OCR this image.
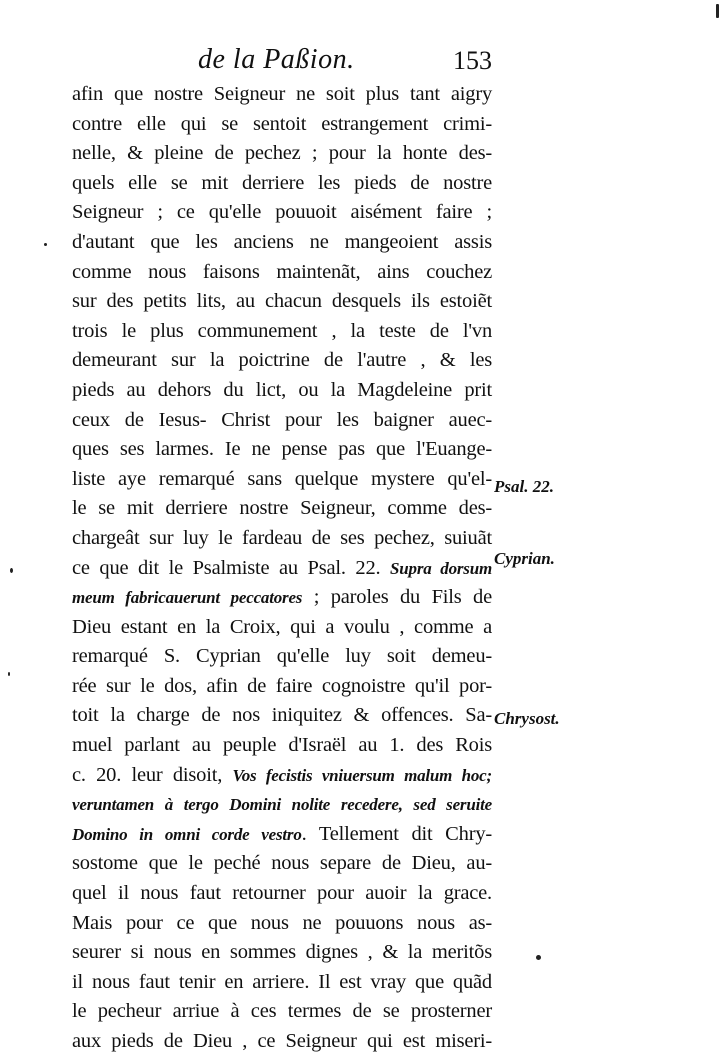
de la Paßion.	153
afin que nostre Seigneur ne soit plus tant aigry
contre elle qui se sentoit estrangement crimi-
nelle, & pleine de pechez ; pour la honte des-
quels elle se mit derriere les pieds de nostre
Seigneur ; ce qu'elle pouuoit aisément faire ;
d'autant que les anciens ne mangeoient assis
comme nous faisons maintenãt, ains couchez
sur des petits lits, au chacun desquels ils estoiẽt
trois le plus communement , la teste de l'vn
demeurant sur la poictrine de l'autre , & les
pieds au dehors du lict, ou la Magdeleine prit
ceux de Iesus- Christ pour les baigner auec-
ques ses larmes. Ie ne pense pas que l'Euange-
liste aye remarqué sans quelque mystere qu'el-
le se mit derriere nostre Seigneur, comme des-
chargeât sur luy le fardeau de ses pechez, suiuãt
ce que dit le Psalmiste au Psal. 22. Supra dorsum
meum fabricauerunt peccatores ; paroles du Fils de
Dieu estant en la Croix, qui a voulu , comme a
remarqué S. Cyprian qu'elle luy soit demeu-
rée sur le dos, afin de faire cognoistre qu'il por-
toit la charge de nos iniquitez & offences. Sa-
muel parlant au peuple d'Israël au 1. des Rois
c. 20. leur disoit, Vos fecistis vniuersum malum hoc;
veruntamen à tergo Domini nolite recedere, sed seruite
Domino in omni corde vestro. Tellement dit Chry-
sostome que le peché nous separe de Dieu, au-
quel il nous faut retourner pour auoir la grace.
Mais pour ce que nous ne pouuons nous as-
seurer si nous en sommes dignes , & la meritõs
il nous faut tenir en arriere. Il est vray que quãd
le pecheur arriue à ces termes de se prosterner
aux pieds de Dieu , ce Seigneur qui est miseri-
Psal. 22.
Cyprian.
Chrysost.
